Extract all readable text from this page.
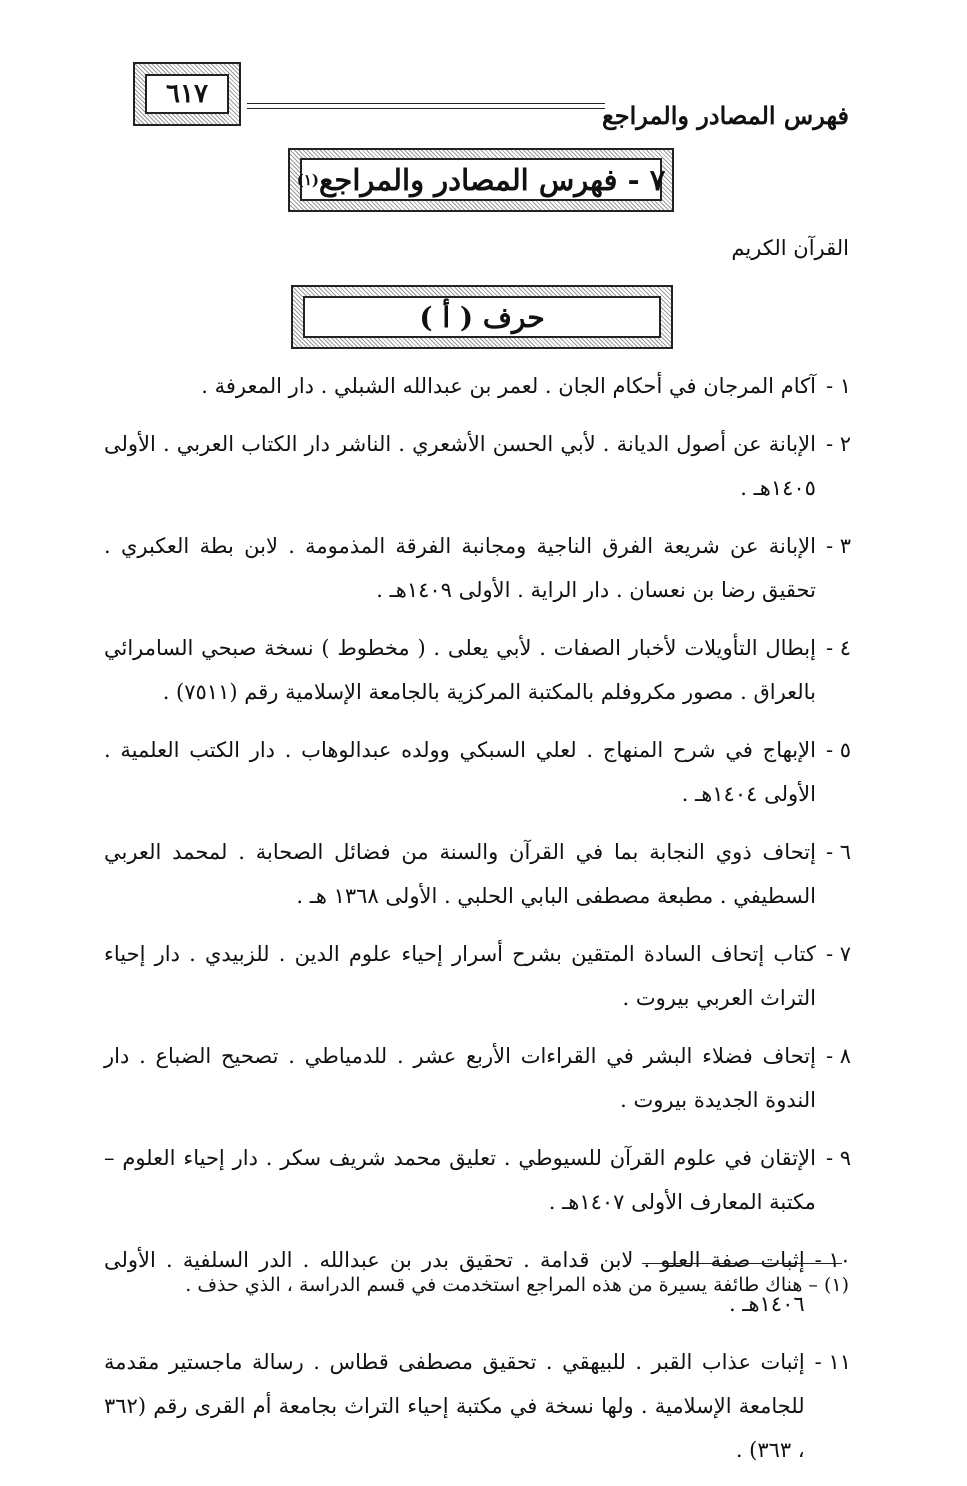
٦١٧
فهرس المصادر والمراجع
٧ - فهرس المصادر والمراجع
(١)
القرآن الكريم
حرف ( أ )
١ -
آكام المرجان في أحكام الجان . لعمر بن عبدالله الشبلي . دار المعرفة .
٢ -
الإبانة عن أصول الديانة . لأبي الحسن الأشعري . الناشر دار الكتاب العربي . الأولى ١٤٠٥هـ .
٣ -
الإبانة عن شريعة الفرق الناجية ومجانبة الفرقة المذمومة . لابن بطة العكبري . تحقيق رضا بن نعسان . دار الراية . الأولى ١٤٠٩هـ .
٤ -
إبطال التأويلات لأخبار الصفات . لأبي يعلى . ( مخطوط ) نسخة صبحي السامرائي بالعراق . مصور مكروفلم بالمكتبة المركزية بالجامعة الإسلامية رقم (٧٥١١) .
٥ -
الإبهاج في شرح المنهاج . لعلي السبكي وولده عبدالوهاب . دار الكتب العلمية . الأولى ١٤٠٤هـ .
٦ -
إتحاف ذوي النجابة بما في القرآن والسنة من فضائل الصحابة . لمحمد العربي السطيفي . مطبعة مصطفى البابي الحلبي . الأولى ١٣٦٨ هـ .
٧ -
كتاب إتحاف السادة المتقين بشرح أسرار إحياء علوم الدين . للزبيدي . دار إحياء التراث العربي بيروت .
٨ -
إتحاف فضلاء البشر في القراءات الأربع عشر . للدمياطي . تصحيح الضباع . دار الندوة الجديدة بيروت .
٩ -
الإتقان في علوم القرآن للسيوطي . تعليق محمد شريف سكر . دار إحياء العلوم – مكتبة المعارف الأولى ١٤٠٧هـ .
١٠ -
إثبات صفة العلو . لابن قدامة . تحقيق بدر بن عبدالله . الدر السلفية . الأولى ١٤٠٦هـ .
١١ -
إثبات عذاب القبر . للبيهقي . تحقيق مصطفى قطاس . رسالة ماجستير مقدمة للجامعة الإسلامية . ولها نسخة في مكتبة إحياء التراث بجامعة أم القرى رقم (٣٦٢ ، ٣٦٣) .
(١) – هناك طائفة يسيرة من هذه المراجع استخدمت في قسم الدراسة ، الذي حذف .
